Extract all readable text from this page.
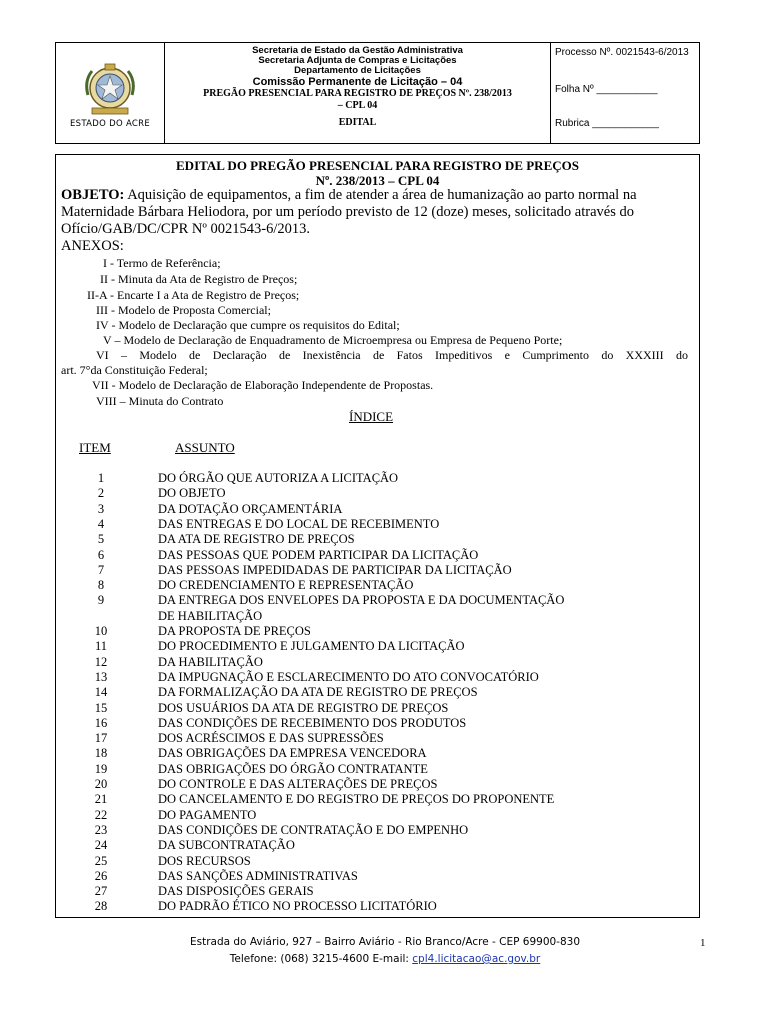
ESTADO DO ACRE
Secretaria de Estado da Gestão Administrativa
Secretaria Adjunta de Compras e Licitações
Departamento de Licitações
Comissão Permanente de Licitação – 04
PREGÃO PRESENCIAL PARA REGISTRO DE PREÇOS Nº. 238/2013
– CPL 04
EDITAL
Processo Nº. 0021543-6/2013
Folha Nº ___________
Rubrica ____________
EDITAL DO PREGÃO PRESENCIAL PARA REGISTRO DE PREÇOS
Nº. 238/2013 – CPL 04
OBJETO: Aquisição de equipamentos, a fim de atender a área de humanização ao parto normal na
Maternidade Bárbara Heliodora, por um período previsto de 12 (doze) meses, solicitado através do
Ofício/GAB/DC/CPR Nº 0021543-6/2013.
ANEXOS:
I - Termo de Referência;
II - Minuta da Ata de Registro de Preços;
II-A - Encarte I a Ata de Registro de Preços;
III - Modelo de Proposta Comercial;
IV - Modelo de Declaração que cumpre os requisitos do Edital;
V – Modelo de Declaração de Enquadramento de Microempresa ou Empresa de Pequeno Porte;
VI – Modelo de Declaração de Inexistência de Fatos Impeditivos e Cumprimento do XXXIII do
art. 7°da Constituição Federal;
VII - Modelo de Declaração de Elaboração Independente de Propostas.
VIII – Minuta do Contrato
ÍNDICE
ITEM	ASSUNTO
1	DO ÓRGÃO QUE AUTORIZA A LICITAÇÃO
2	DO OBJETO
3	DA DOTAÇÃO ORÇAMENTÁRIA
4	DAS ENTREGAS E DO LOCAL DE RECEBIMENTO
5	DA ATA DE REGISTRO DE PREÇOS
6	DAS PESSOAS QUE PODEM PARTICIPAR DA LICITAÇÃO
7	DAS PESSOAS IMPEDIDADAS DE PARTICIPAR DA LICITAÇÃO
8	DO CREDENCIAMENTO E REPRESENTAÇÃO
9	DA ENTREGA DOS ENVELOPES DA PROPOSTA E DA DOCUMENTAÇÃO
DE HABILITAÇÃO
10	DA PROPOSTA DE PREÇOS
11	DO PROCEDIMENTO E JULGAMENTO DA LICITAÇÃO
12	DA HABILITAÇÃO
13	DA IMPUGNAÇÃO E ESCLARECIMENTO DO ATO CONVOCATÓRIO
14	DA FORMALIZAÇÃO DA ATA DE REGISTRO DE PREÇOS
15	DOS USUÁRIOS DA ATA DE REGISTRO DE PREÇOS
16	DAS CONDIÇÕES DE RECEBIMENTO DOS PRODUTOS
17	DOS ACRÉSCIMOS E DAS SUPRESSÕES
18	DAS OBRIGAÇÕES DA EMPRESA VENCEDORA
19	DAS OBRIGAÇÕES DO ÓRGÃO CONTRATANTE
20	DO CONTROLE E DAS ALTERAÇÕES DE PREÇOS
21	DO CANCELAMENTO E DO REGISTRO DE PREÇOS DO PROPONENTE
22	DO PAGAMENTO
23	DAS CONDIÇÕES DE CONTRATAÇÃO E DO EMPENHO
24	DA SUBCONTRATAÇÃO
25	DOS RECURSOS
26	DAS SANÇÕES ADMINISTRATIVAS
27	DAS DISPOSIÇÕES GERAIS
28	DO PADRÃO ÉTICO NO PROCESSO LICITATÓRIO
Estrada do Aviário, 927 – Bairro Aviário - Rio Branco/Acre - CEP 69900-830
Telefone: (068) 3215-4600 E-mail: cpl4.licitacao@ac.gov.br
1
